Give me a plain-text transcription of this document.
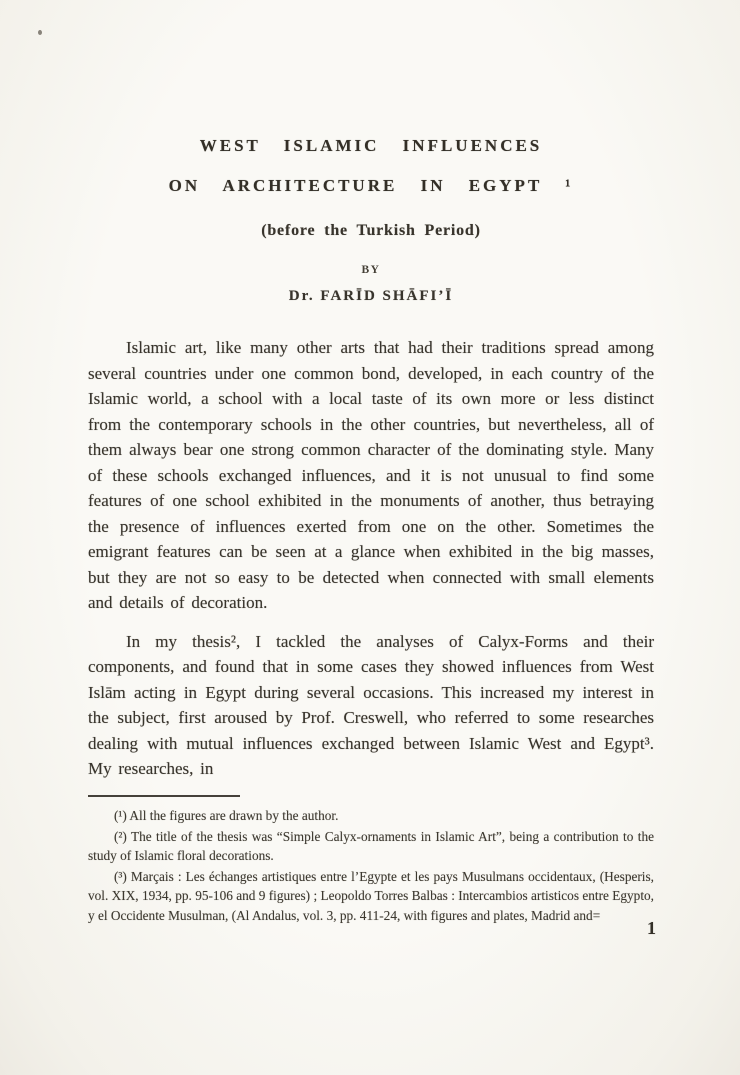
WEST ISLAMIC INFLUENCES
ON ARCHITECTURE IN EGYPT ¹
(before the Turkish Period)
BY
Dr. FARĪD SHĀFI’Ī

Islamic art, like many other arts that had their traditions spread among several countries under one common bond, developed, in each country of the Islamic world, a school with a local taste of its own more or less distinct from the contemporary schools in the other countries, but nevertheless, all of them always bear one strong common character of the dominating style. Many of these schools exchanged influences, and it is not unusual to find some features of one school exhibited in the monuments of another, thus betraying the presence of influences exerted from one on the other. Sometimes the emigrant features can be seen at a glance when exhibited in the big masses, but they are not so easy to be detected when connected with small elements and details of decoration.

In my thesis², I tackled the analyses of Calyx-Forms and their components, and found that in some cases they showed influences from West Islām acting in Egypt during several occasions. This increased my interest in the subject, first aroused by Prof. Creswell, who referred to some researches dealing with mutual influences exchanged between Islamic West and Egypt³. My researches, in

(¹) All the figures are drawn by the author.

(²) The title of the thesis was “Simple Calyx-ornaments in Islamic Art”, being a contribution to the study of Islamic floral decorations.

(³) Marçais : Les échanges artistiques entre l’Egypte et les pays Musulmans occidentaux, (Hesperis, vol. XIX, 1934, pp. 95-106 and 9 figures) ; Leopoldo Torres Balbas : Intercambios artisticos entre Egypto, y el Occidente Musulman, (Al Andalus, vol. 3, pp. 411-24, with figures and plates, Madrid and=

1
